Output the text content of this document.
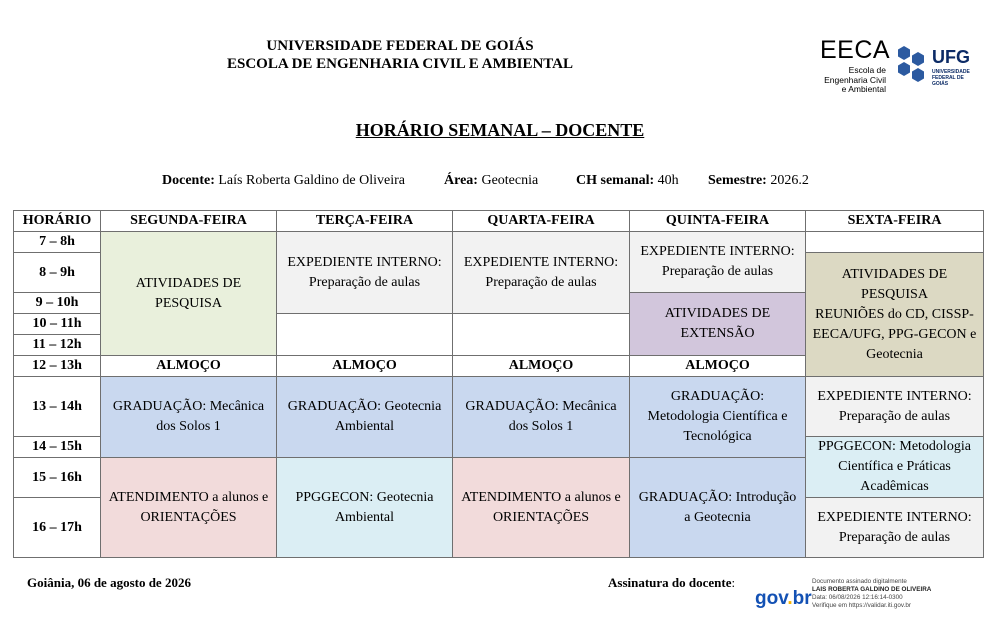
UNIVERSIDADE FEDERAL DE GOIÁS
ESCOLA DE ENGENHARIA CIVIL E AMBIENTAL	EECA
Escola de
Engenharia Civil
e Ambiental
UFG
UNIVERSIDADE
FEDERAL DE GOIÁS
HORÁRIO SEMANAL – DOCENTE
Docente: Laís Roberta Galdino de Oliveira	Área: Geotecnia	CH semanal: 40h Semestre: 2026.2
HORÁRIO	SEGUNDA-FEIRA	TERÇA-FEIRA	QUARTA-FEIRA	QUINTA-FEIRA	SEXTA-FEIRA	
7 – 8h	ATIVIDADES DE PESQUISA	EXPEDIENTE INTERNO: Preparação de aulas	EXPEDIENTE INTERNO: Preparação de aulas	EXPEDIENTE INTERNO: Preparação de aulas		
8 – 9h					ATIVIDADES DE PESQUISA
REUNIÕES do CD, CISSP-EECA/UFG, PPG-GECON e Geotecnia	

9 – 10h				ATIVIDADES DE EXTENSÃO		
10 – 11h						
11 – 12h						
12 – 13h	ALMOÇO	ALMOÇO	ALMOÇO	ALMOÇO	
13 – 14h	GRADUAÇÃO: Mecânica dos Solos 1	GRADUAÇÃO: Geotecnia Ambiental	GRADUAÇÃO: Mecânica dos Solos 1	GRADUAÇÃO: Metodologia Científica e Tecnológica	EXPEDIENTE INTERNO: Preparação de aulas	
14 – 15h					PPGGECON: Metodologia Científica e Práticas Acadêmicas	
15 – 16h	ATENDIMENTO a alunos e ORIENTAÇÕES	PPGGECON: Geotecnia Ambiental	ATENDIMENTO a alunos e ORIENTAÇÕES	GRADUAÇÃO: Introdução a Geotecnia		
16 – 17h					EXPEDIENTE INTERNO: Preparação de aulas	
Goiânia, 06 de agosto de 2026	Assinatura do docente:
gov.br
Documento assinado digitalmente
LAIS ROBERTA GALDINO DE OLIVEIRA
Data: 06/08/2026 12:16:14-0300
Verifique em https://validar.iti.gov.br
